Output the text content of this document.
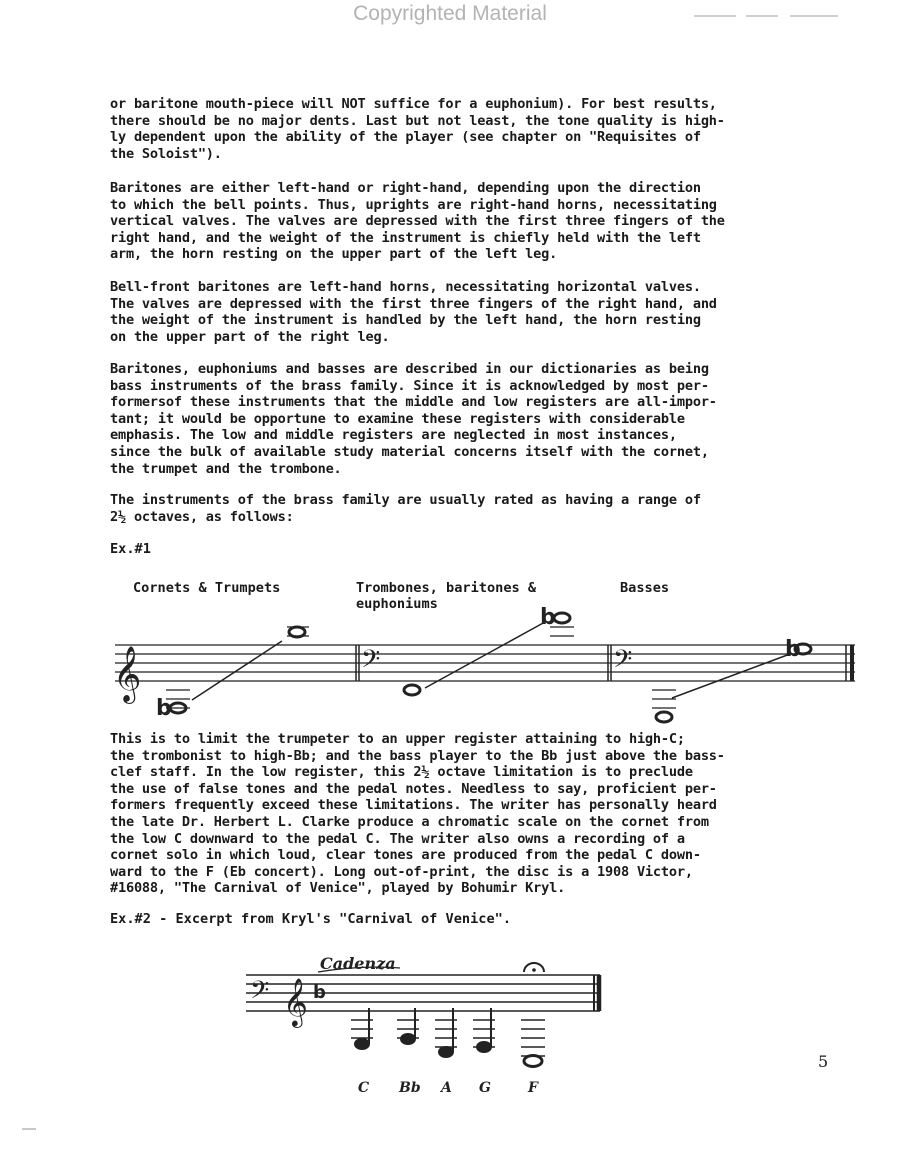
Copyrighted Material

or baritone mouth-piece will NOT suffice for a euphonium). For best results,
there should be no major dents. Last but not least, the tone quality is high-
ly dependent upon the ability of the player (see chapter on "Requisites of
the Soloist").

Baritones are either left-hand or right-hand, depending upon the direction
to which the bell points. Thus, uprights are right-hand horns, necessitating
vertical valves. The valves are depressed with the first three fingers of the
right hand, and the weight of the instrument is chiefly held with the left
arm, the horn resting on the upper part of the left leg.

Bell-front baritones are left-hand horns, necessitating horizontal valves.
The valves are depressed with the first three fingers of the right hand, and
the weight of the instrument is handled by the left hand, the horn resting
on the upper part of the right leg.

Baritones, euphoniums and basses are described in our dictionaries as being
bass instruments of the brass family. Since it is acknowledged by most per-
formersof these instruments that the middle and low registers are all-impor-
tant; it would be opportune to examine these registers with considerable
emphasis. The low and middle registers are neglected in most instances,
since the bulk of available study material concerns itself with the cornet,
the trumpet and the trombone.

The instruments of the brass family are usually rated as having a range of
2½ octaves, as follows:

Ex.#1
Cornets & Trumpets	Trombones, baritones &
euphoniums
Basses
𝄞	𝄢	𝄢
b
b
b

This is to limit the trumpeter to an upper register attaining to high-C;
the trombonist to high-Bb; and the bass player to the Bb just above the bass-
clef staff. In the low register, this 2½ octave limitation is to preclude
the use of false tones and the pedal notes. Needless to say, proficient per-
formers frequently exceed these limitations. The writer has personally heard
the late Dr. Herbert L. Clarke produce a chromatic scale on the cornet from
the low C downward to the pedal C. The writer also owns a recording of a
cornet solo in which loud, clear tones are produced from the pedal C down-
ward to the F (Eb concert). Long out-of-print, the disc is a 1908 Victor,
#16088, "The Carnival of Venice", played by Bohumir Kryl.

Ex.#2 - Excerpt from Kryl's "Carnival of Venice".
𝄢 𝄞 b
Cadenza
C Bb A G	F
5
